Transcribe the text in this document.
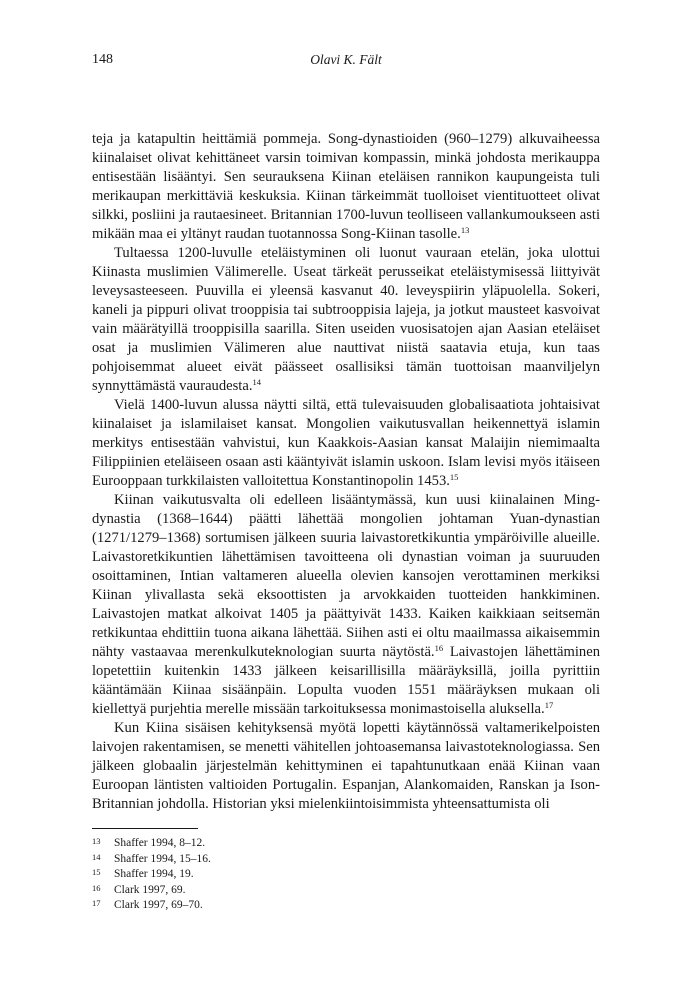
148	Olavi K. Fält

teja ja katapultin heittämiä pommeja. Song-dynastioiden (960–1279) alkuvaiheessa kiinalaiset olivat kehittäneet varsin toimivan kompassin, minkä johdosta merikauppa entisestään lisääntyi. Sen seurauksena Kiinan eteläisen rannikon kaupungeista tuli merikaupan merkittäviä keskuksia. Kiinan tärkeimmät tuolloiset vientituotteet olivat silkki, posliini ja rautaesineet. Britannian 1700-luvun teolliseen vallankumoukseen asti mikään maa ei yltänyt raudan tuotannossa Song-Kiinan tasolle.$^{13}$

Tultaessa 1200-luvulle eteläistyminen oli luonut vauraan etelän, joka ulottui Kiinasta muslimien Välimerelle. Useat tärkeät perusseikat eteläistymisessä liittyivät leveysasteeseen. Puuvilla ei yleensä kasvanut 40. leveyspiirin yläpuolella. Sokeri, kaneli ja pippuri olivat trooppisia tai subtrooppisia lajeja, ja jotkut mausteet kasvoivat vain määrätyillä trooppisilla saarilla. Siten useiden vuosisatojen ajan Aasian eteläiset osat ja muslimien Välimeren alue nauttivat niistä saatavia etuja, kun taas pohjoisemmat alueet eivät päässeet osallisiksi tämän tuottoisan maanviljelyn synnyttämästä vauraudesta.$^{14}$

Vielä 1400-luvun alussa näytti siltä, että tulevaisuuden globalisaatiota johtaisivat kiinalaiset ja islamilaiset kansat. Mongolien vaikutusvallan heikennettyä islamin merkitys entisestään vahvistui, kun Kaakkois-Aasian kansat Malaijin niemimaalta Filippiinien eteläiseen osaan asti kääntyivät islamin uskoon. Islam levisi myös itäiseen Eurooppaan turkkilaisten valloitettua Konstantinopolin 1453.15

Kiinan vaikutusvalta oli edelleen lisääntymässä, kun uusi kiinalainen Ming-dynastia (1368–1644) päätti lähettää mongolien johtaman Yuan-dynastian (1271/1279–1368) sortumisen jälkeen suuria laivastoretkikuntia ympäröiville alueille. Laivastoretkikuntien lähettämisen tavoitteena oli dynastian voiman ja suuruuden osoittaminen, Intian valtameren alueella olevien kansojen verottaminen merkiksi Kiinan ylivallasta sekä eksoottisten ja arvokkaiden tuotteiden hankkiminen. Laivastojen matkat alkoivat 1405 ja päättyivät 1433. Kaiken kaikkiaan seitsemän retkikuntaa ehdittiin tuona aikana lähettää. Siihen asti ei oltu maailmassa aikaisemmin nähty vastaavaa merenkulkuteknologian suurta näytöstä.$^{16}$ Laivastojen lähettäminen lopetettiin kuitenkin 1433 jälkeen keisarillisilla määräyksillä, joilla pyrittiin kääntämään Kiinaa sisäänpäin. Lopulta vuoden 1551 määräyksen mukaan oli kiellettyä purjehtia merelle missään tarkoituksessa monimastoisella aluksella.$^{17}$

Kun Kiina sisäisen kehityksensä myötä lopetti käytännössä valtamerikelpoisten laivojen rakentamisen, se menetti vähitellen johtoasemansa laivastoteknologiassa. Sen jälkeen globaalin järjestelmän kehittyminen ei tapahtunutkaan enää Kiinan vaan Euroopan läntisten valtioiden Portugalin. Espanjan, Alankomaiden, Ranskan ja Ison-Britannian johdolla. Historian yksi mielenkiintoisimmista yhteensattumista oli

13	Shaffer 1994, 8–12.
14	Shaffer 1994, 15–16.
15	Shaffer 1994, 19.
16	Clark 1997, 69.
17	Clark 1997, 69–70.
